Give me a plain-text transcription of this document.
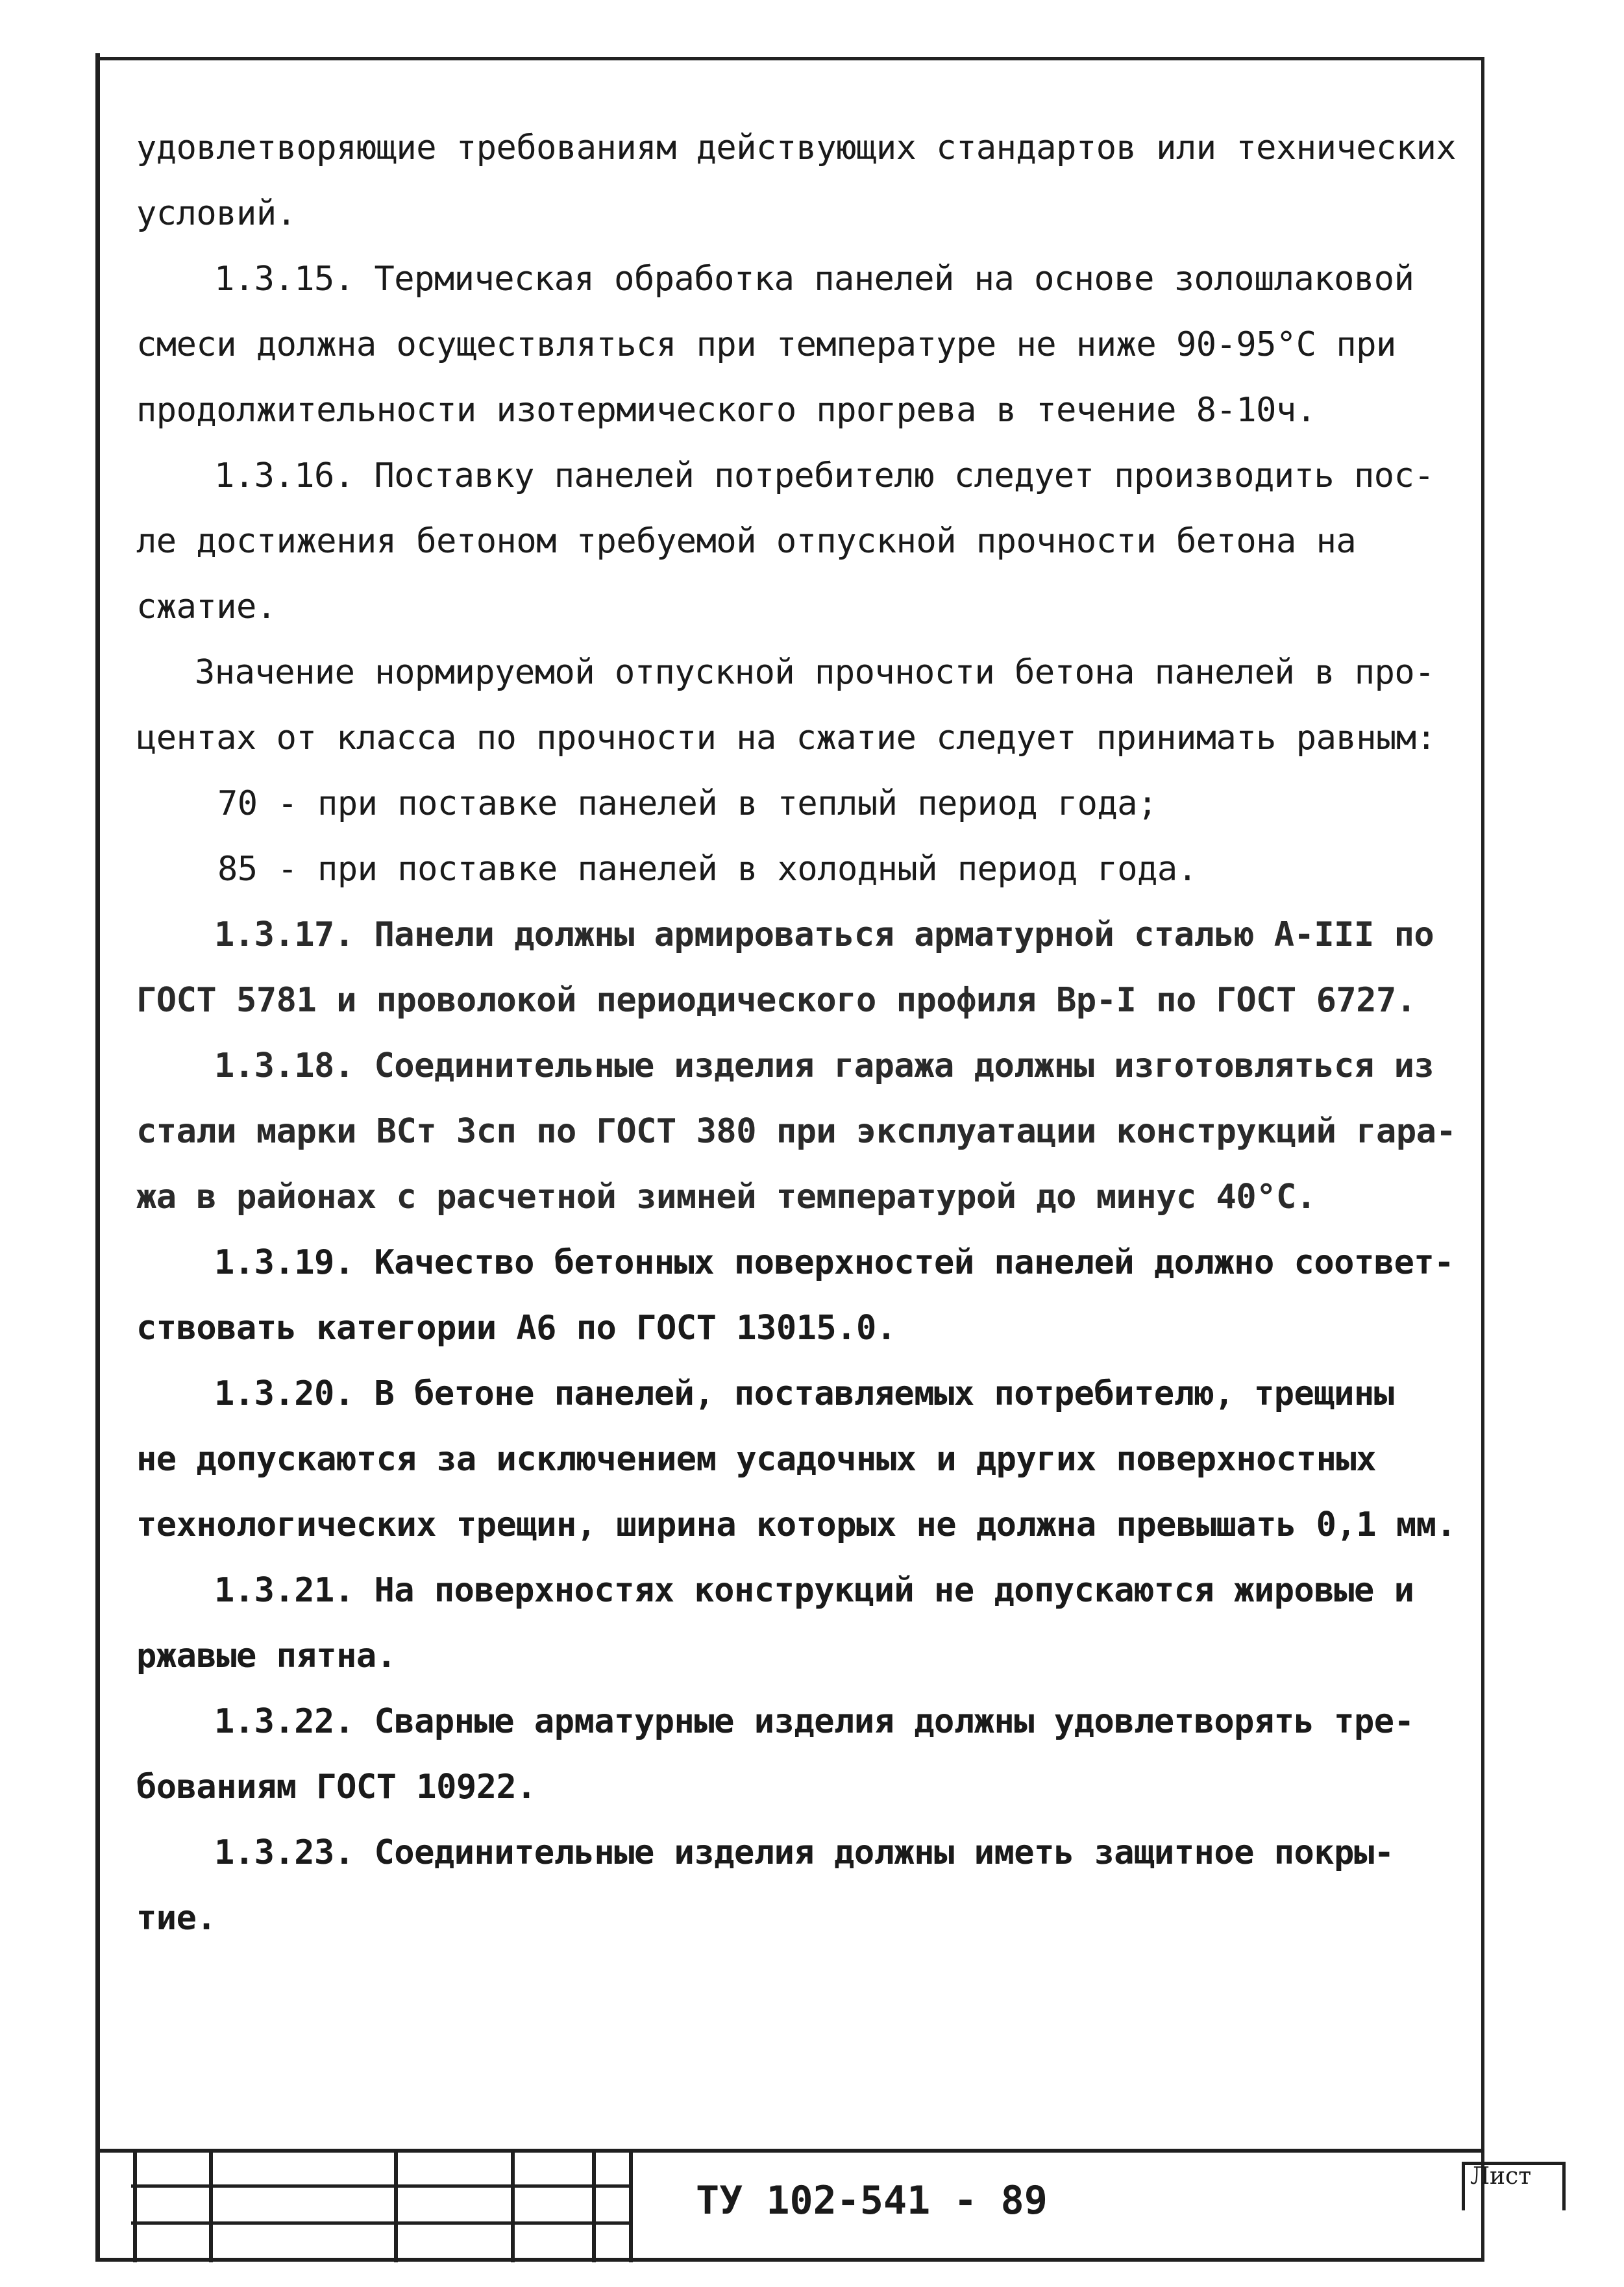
удовлетворяющие требованиям действующих стандартов или технических
условий.

1.3.15. Термическая обработка панелей на основе золошлаковой
смеси должна осуществляться при температуре не ниже 90-95°С при
продолжительности изотермического прогрева в течение 8-10ч.

1.3.16. Поставку панелей потребителю следует производить пос-
ле достижения бетоном требуемой отпускной прочности бетона на
сжатие.

Значение нормируемой отпускной прочности бетона панелей в про-
центах от класса по прочности на сжатие следует принимать равным:

70 - при поставке панелей в теплый период года;

85 - при поставке панелей в холодный период года.

1.3.17. Панели должны армироваться арматурной сталью А-III по
ГОСТ 5781 и проволокой периодического профиля Вр-I по ГОСТ 6727.

1.3.18. Соединительные изделия гаража должны изготовляться из
стали марки ВСт 3сп по ГОСТ 380 при эксплуатации конструкций гара-
жа в районах с расчетной зимней температурой до минус 40°С.

1.3.19. Качество бетонных поверхностей панелей должно соответ-
ствовать категории А6 по ГОСТ 13015.0.

1.3.20. В бетоне панелей, поставляемых потребителю, трещины
не допускаются за исключением усадочных и других поверхностных
технологических трещин, ширина которых не должна превышать 0,1 мм.

1.3.21. На поверхностях конструкций не допускаются жировые и
ржавые пятна.

1.3.22. Сварные арматурные изделия должны удовлетворять тре-
бованиям ГОСТ 10922.

1.3.23. Соединительные изделия должны иметь защитное покры-
тие.

ТУ 102-541 - 89
Лист
